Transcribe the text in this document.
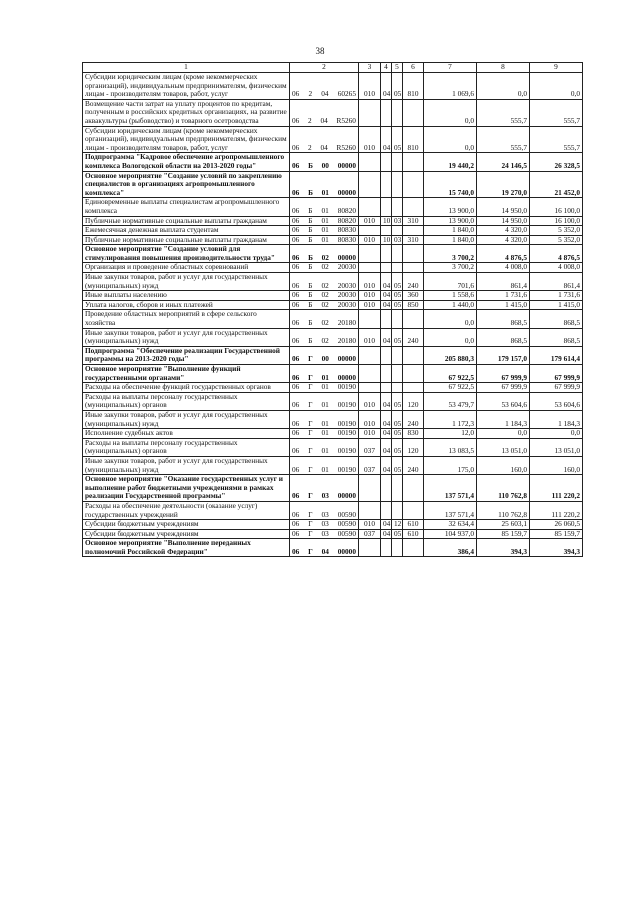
38
1	2	3	4	5	6	7	8	9
Субсидии юридическим лицам (кроме некоммерческих организаций), индивидуальным предпринимателям, физическим лицам - производителям товаров, работ, услуг	06 2 04 60265	010	04	05	810	1 069,6	0,0	0,0
Возмещение части затрат на уплату процентов по кредитам, полученным в российских кредитных организациях, на развитие аквакультуры (рыбоводство) и товарного осетроводства	06 2 04 R5260					0,0	555,7	555,7
Субсидии юридическим лицам (кроме некоммерческих организаций), индивидуальным предпринимателям, физическим лицам - производителям товаров, работ, услуг	06 2 04 R5260	010	04	05	810	0,0	555,7	555,7
Подпрограмма "Кадровое обеспечение агропромышленного комплекса Вологодской области на 2013-2020 годы"	06 Б 00 00000					19 440,2	24 146,5	26 328,5
Основное мероприятие "Создание условий по закреплению специалистов в организациях агропромышленного комплекса"	06 Б 01 00000					15 740,0	19 270,0	21 452,0
Единовременные выплаты специалистам агропромышленного комплекса	06 Б 01 80820					13 900,0	14 950,0	16 100,0
Публичные нормативные социальные выплаты гражданам	06 Б 01 80820	010	10	03	310	13 900,0	14 950,0	16 100,0
Ежемесячная денежная выплата студентам	06 Б 01 80830					1 840,0	4 320,0	5 352,0
Публичные нормативные социальные выплаты гражданам	06 Б 01 80830	010	10	03	310	1 840,0	4 320,0	5 352,0
Основное мероприятие "Создание условий для стимулирования повышения производительности труда"	06 Б 02 00000					3 700,2	4 876,5	4 876,5
Организация и проведение областных соревнований	06 Б 02 20030					3 700,2	4 008,0	4 008,0
Иные закупки товаров, работ и услуг для государственных (муниципальных) нужд	06 Б 02 20030	010	04	05	240	701,6	861,4	861,4
Иные выплаты населению	06 Б 02 20030	010	04	05	360	1 558,6	1 731,6	1 731,6
Уплата налогов, сборов и иных платежей	06 Б 02 20030	010	04	05	850	1 440,0	1 415,0	1 415,0
Проведение областных мероприятий в сфере сельского хозяйства	06 Б 02 20180					0,0	868,5	868,5
Иные закупки товаров, работ и услуг для государственных (муниципальных) нужд	06 Б 02 20180	010	04	05	240	0,0	868,5	868,5
Подпрограмма "Обеспечение реализации Государственной программы на 2013-2020 годы"	06 Г 00 00000					205 880,3	179 157,0	179 614,4
Основное мероприятие "Выполнение функций государственными органами"	06 Г 01 00000					67 922,5	67 999,9	67 999,9
Расходы на обеспечение функций государственных органов	06 Г 01 00190					67 922,5	67 999,9	67 999,9
Расходы на выплаты персоналу государственных (муниципальных) органов	06 Г 01 00190	010	04	05	120	53 479,7	53 604,6	53 604,6
Иные закупки товаров, работ и услуг для государственных (муниципальных) нужд	06 Г 01 00190	010	04	05	240	1 172,3	1 184,3	1 184,3
Исполнение судебных актов	06 Г 01 00190	010	04	05	830	12,0	0,0	0,0
Расходы на выплаты персоналу государственных (муниципальных) органов	06 Г 01 00190	037	04	05	120	13 083,5	13 051,0	13 051,0
Иные закупки товаров, работ и услуг для государственных (муниципальных) нужд	06 Г 01 00190	037	04	05	240	175,0	160,0	160,0
Основное мероприятие "Оказание государственных услуг и выполнение работ бюджетными учреждениями в рамках реализации Государственной программы"	06 Г 03 00000					137 571,4	110 762,8	111 220,2
Расходы на обеспечение деятельности (оказание услуг) государственных учреждений	06 Г 03 00590					137 571,4	110 762,8	111 220,2
Субсидии бюджетным учреждениям	06 Г 03 00590	010	04	12	610	32 634,4	25 603,1	26 060,5
Субсидии бюджетным учреждениям	06 Г 03 00590	037	04	05	610	104 937,0	85 159,7	85 159,7
Основное мероприятие "Выполнение переданных полномочий Российской Федерации"	06 Г 04 00000					386,4	394,3	394,3
